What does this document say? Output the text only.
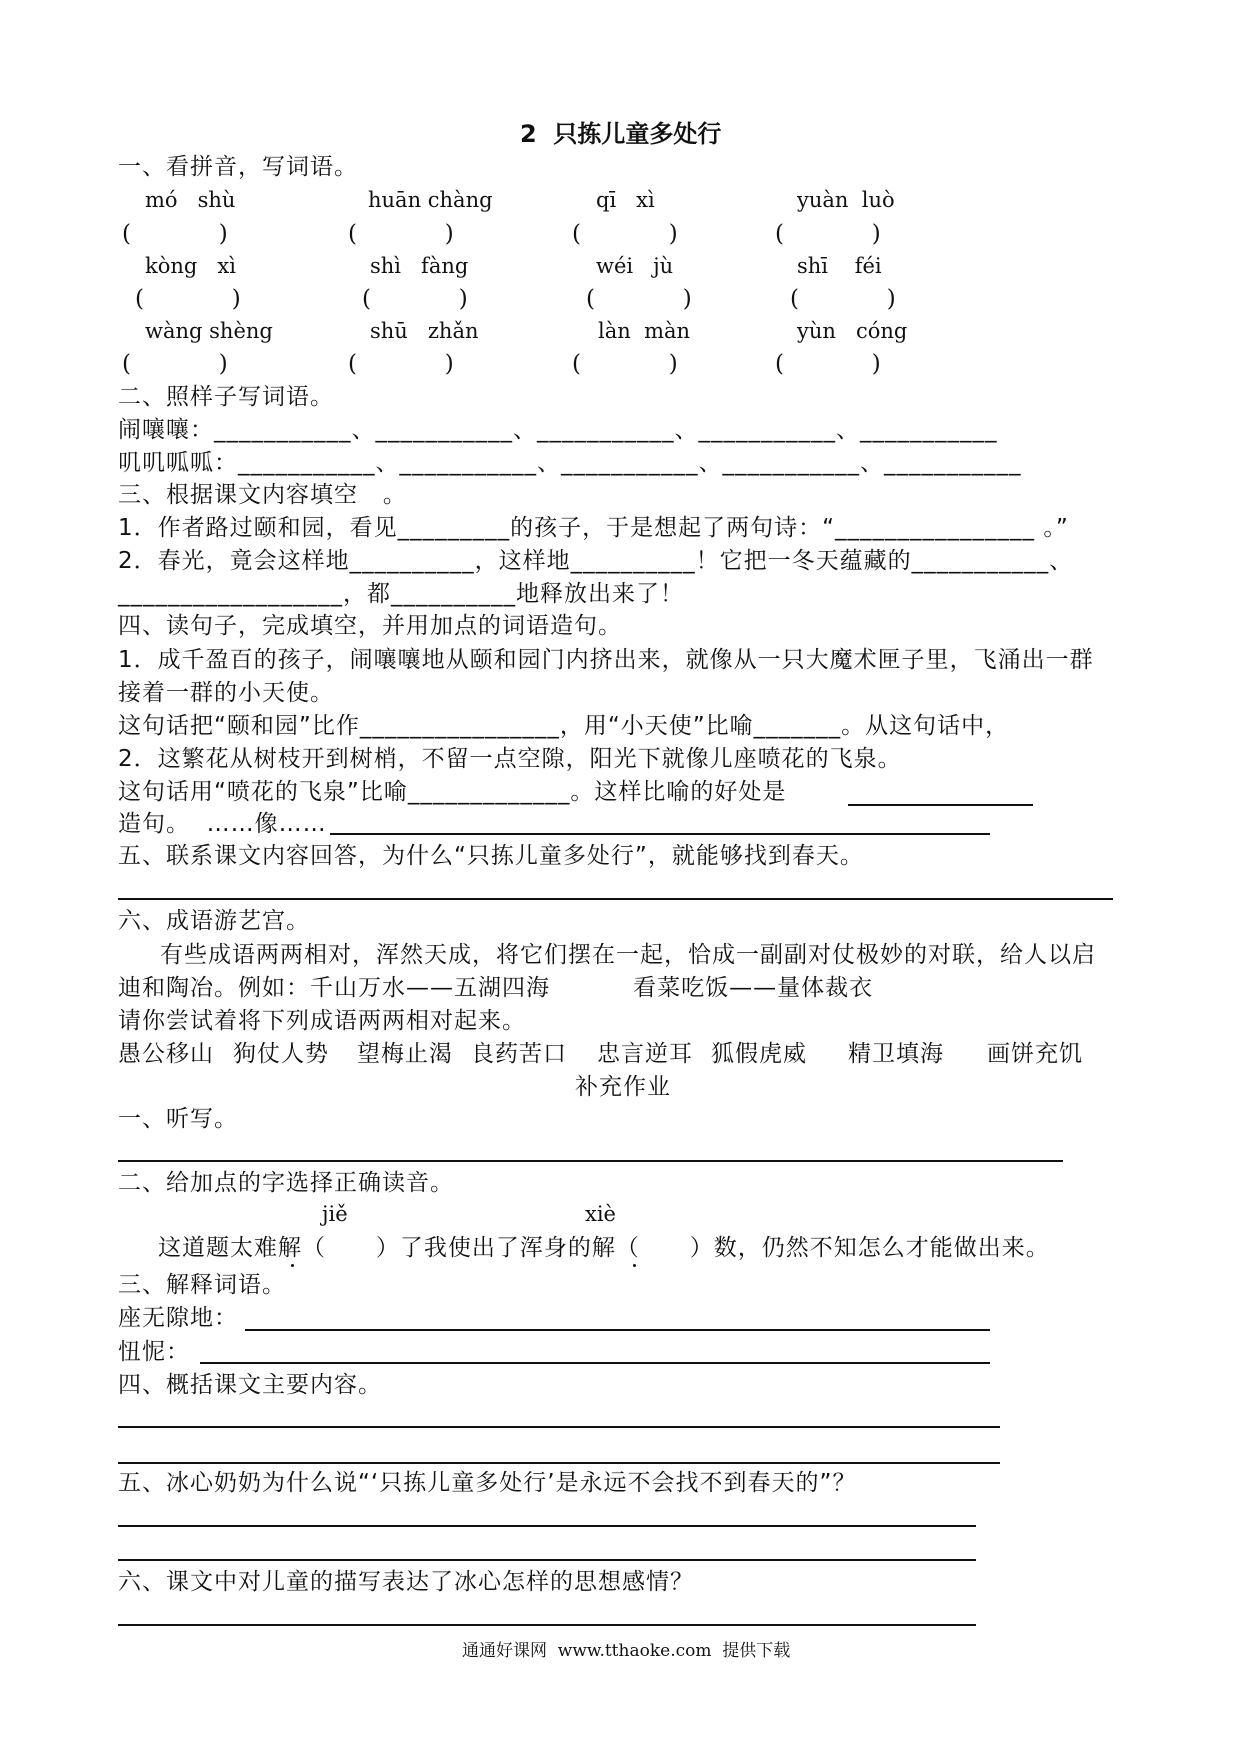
2  只拣儿童多处行
一、看拼音，写词语。
mó   shù	huān chàng	qī   xì	yuàn  luò
(            )	(            )	(            )	(            )
kòng   xì	shì   fàng	wéi   jù	shī    féi
(            )	(            )	(            )	(            )
wàng shèng	shū   zhǎn	làn  màn	yùn   cóng
(            )	(            )	(            )	(            )
二、照样子写词语。
闹嚷嚷：___________、___________、___________、___________、___________
叽叽呱呱：___________、___________、___________、___________、___________
三、根据课文内容填空   。
1．作者路过颐和园，看见_________的孩子，于是想起了两句诗：“________________ 。”
2．春光，竟会这样地__________，这样地__________！它把一冬天蕴藏的___________、
__________________，都__________地释放出来了！
四、读句子，完成填空，并用加点的词语造句。
1．成千盈百的孩子，闹嚷嚷地从颐和园门内挤出来，就像从一只大魔术匣子里，飞涌出一群
接着一群的小天使。
这句话把“颐和园”比作________________，用“小天使”比喻_______。从这句话中，
2．这繁花从树枝开到树梢，不留一点空隙，阳光下就像儿座喷花的飞泉。
这句话用“喷花的飞泉”比喻_____________。这样比喻的好处是
造句。  ……像……
五、联系课文内容回答，为什么“只拣儿童多处行”，就能够找到春天。
六、成语游艺宫。
有些成语两两相对，浑然天成，将它们摆在一起，恰成一副副对仗极妙的对联，给人以启
迪和陶冶。例如：千山万水——五湖四海          看菜吃饭——量体裁衣
请你尝试着将下列成语两两相对起来。
愚公移山 狗仗人势 望梅止渴 良药苦口 忠言逆耳 狐假虎威 精卫填海 画饼充饥
补充作业
一、听写。
二、给加点的字选择正确读音。
jiě	xiè
这道题太难解（      ）了我使出了浑身的解（      ）数，仍然不知怎么才能做出来。
三、解释词语。
座无隙地：
忸怩：
四、概括课文主要内容。
五、冰心奶奶为什么说“‘只拣儿童多处行’是永远不会找不到春天的”？
六、课文中对儿童的描写表达了冰心怎样的思想感情？
通通好课网  www.tthaoke.com  提供下载
